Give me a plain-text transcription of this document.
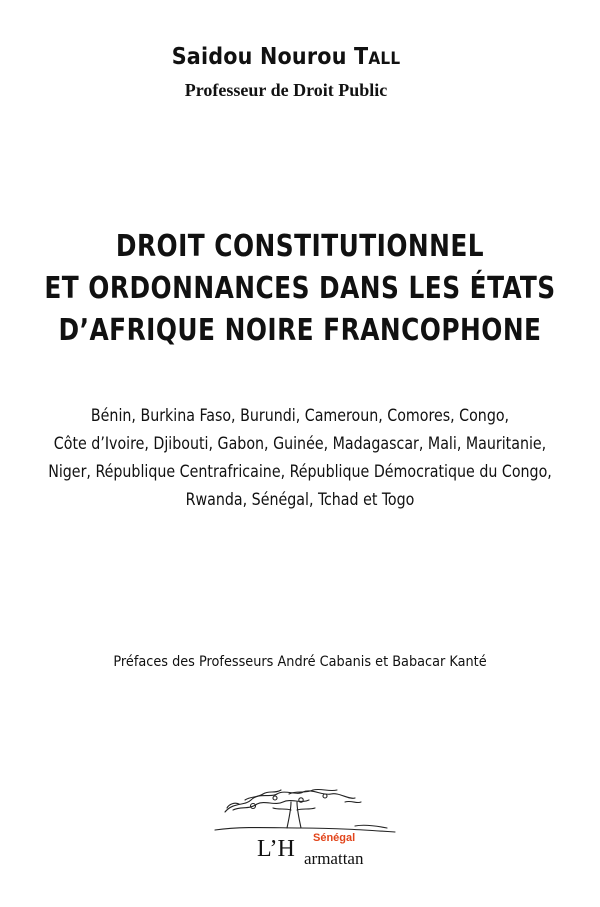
Saidou Nourou TALL
Professeur de Droit Public
DROIT CONSTITUTIONNEL
ET ORDONNANCES DANS LES ÉTATS
D’AFRIQUE NOIRE FRANCOPHONE
Bénin, Burkina Faso, Burundi, Cameroun, Comores, Congo,
Côte d’Ivoire, Djibouti, Gabon, Guinée, Madagascar, Mali, Mauritanie,
Niger, République Centrafricaine, République Démocratique du Congo,
Rwanda, Sénégal, Tchad et Togo
Préfaces des Professeurs André Cabanis et Babacar Kanté
Sénégal
L’H armattan
